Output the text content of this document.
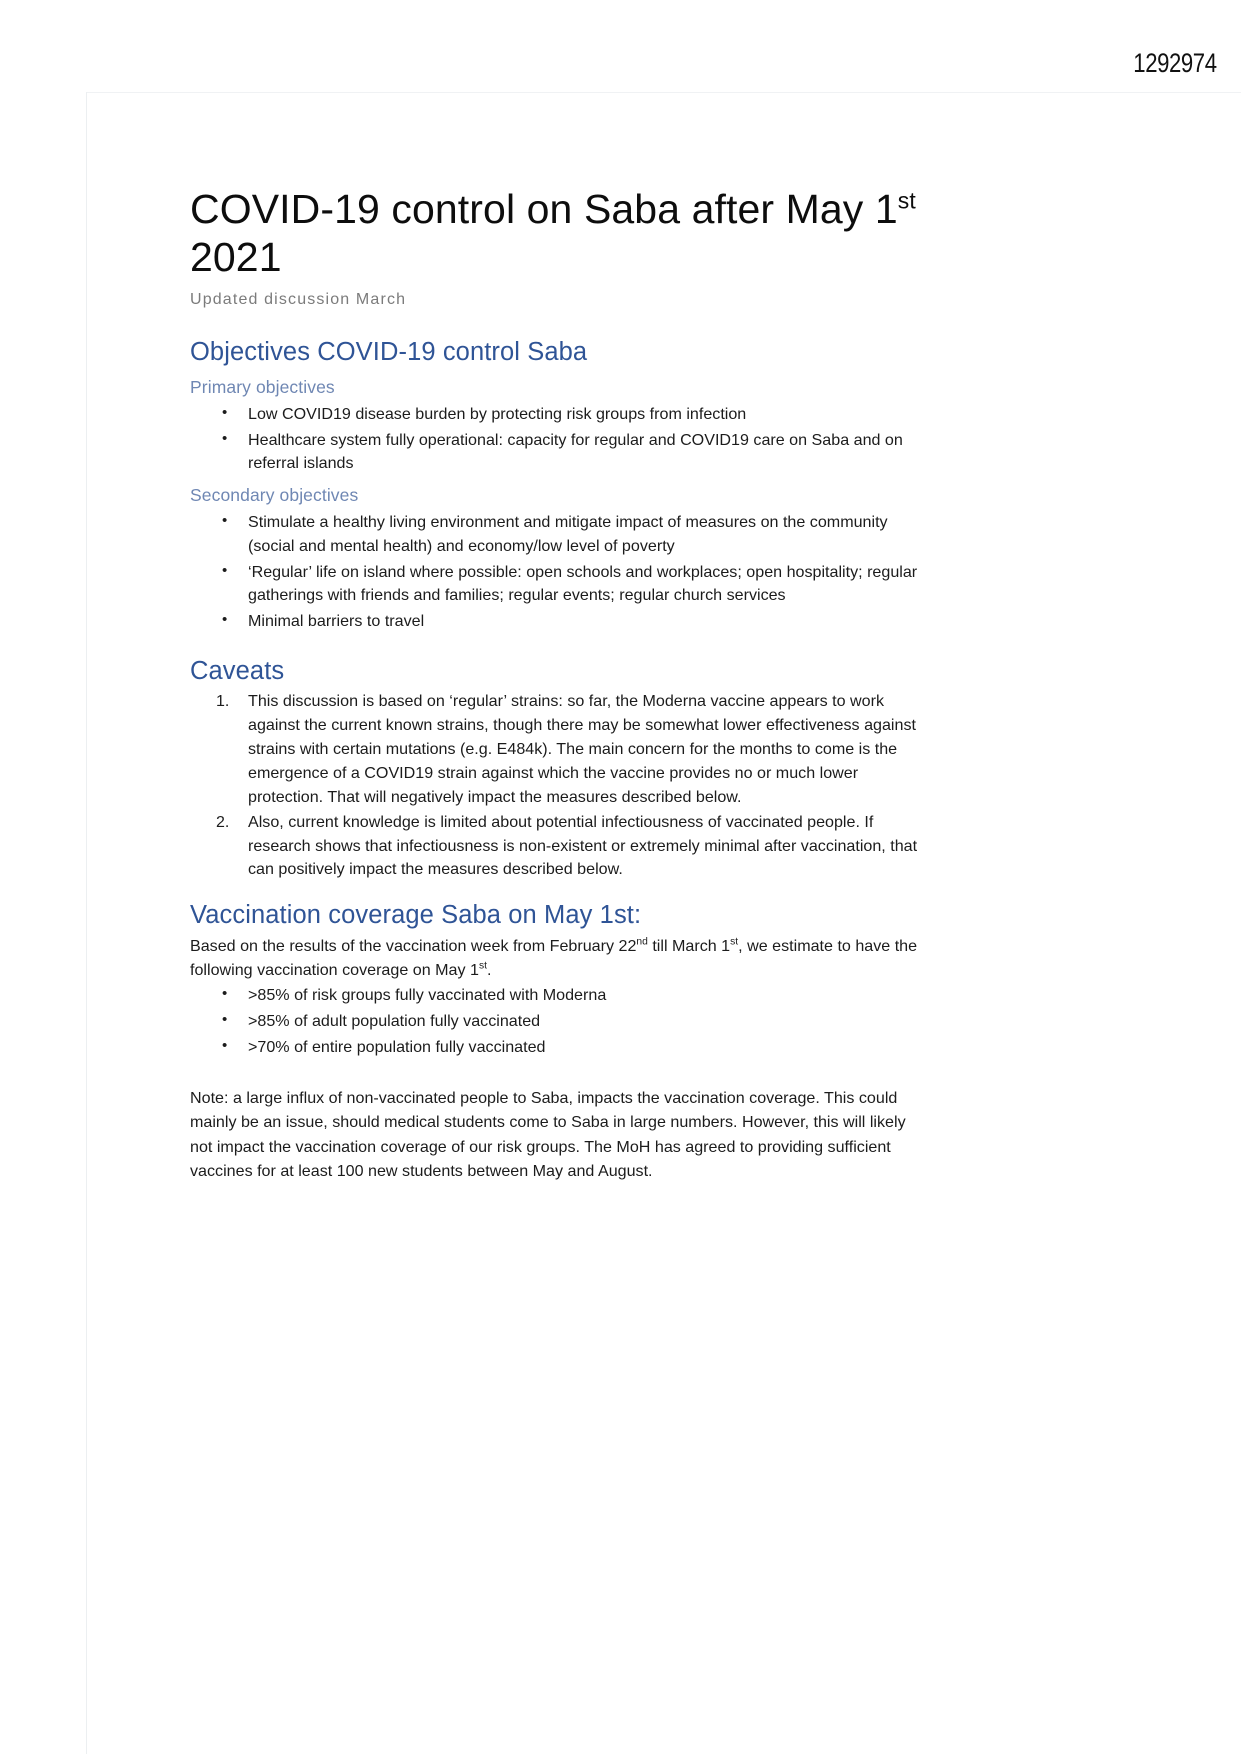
1292974
COVID-19 control on Saba after May 1st
2021
Updated discussion March
Objectives COVID-19 control Saba
Primary objectives
• Low COVID19 disease burden by protecting risk groups from infection
• Healthcare system fully operational: capacity for regular and COVID19 care on Saba and on referral islands
Secondary objectives
• Stimulate a healthy living environment and mitigate impact of measures on the community (social and mental health) and economy/low level of poverty
• ‘Regular’ life on island where possible: open schools and workplaces; open hospitality; regular gatherings with friends and families; regular events; regular church services
• Minimal barriers to travel
Caveats
This discussion is based on ‘regular’ strains: so far, the Moderna vaccine appears to work against the current known strains, though there may be somewhat lower effectiveness against strains with certain mutations (e.g. E484k). The main concern for the months to come is the emergence of a COVID19 strain against which the vaccine provides no or much lower protection. That will negatively impact the measures described below.
Also, current knowledge is limited about potential infectiousness of vaccinated people. If research shows that infectiousness is non-existent or extremely minimal after vaccination, that can positively impact the measures described below.
Vaccination coverage Saba on May 1st:

Based on the results of the vaccination week from February 22nd till March 1st, we estimate to have the following vaccination coverage on May 1st.

• >85% of risk groups fully vaccinated with Moderna
• >85% of adult population fully vaccinated
• >70% of entire population fully vaccinated

Note: a large influx of non-vaccinated people to Saba, impacts the vaccination coverage. This could mainly be an issue, should medical students come to Saba in large numbers. However, this will likely not impact the vaccination coverage of our risk groups. The MoH has agreed to providing sufficient vaccines for at least 100 new students between May and August.
